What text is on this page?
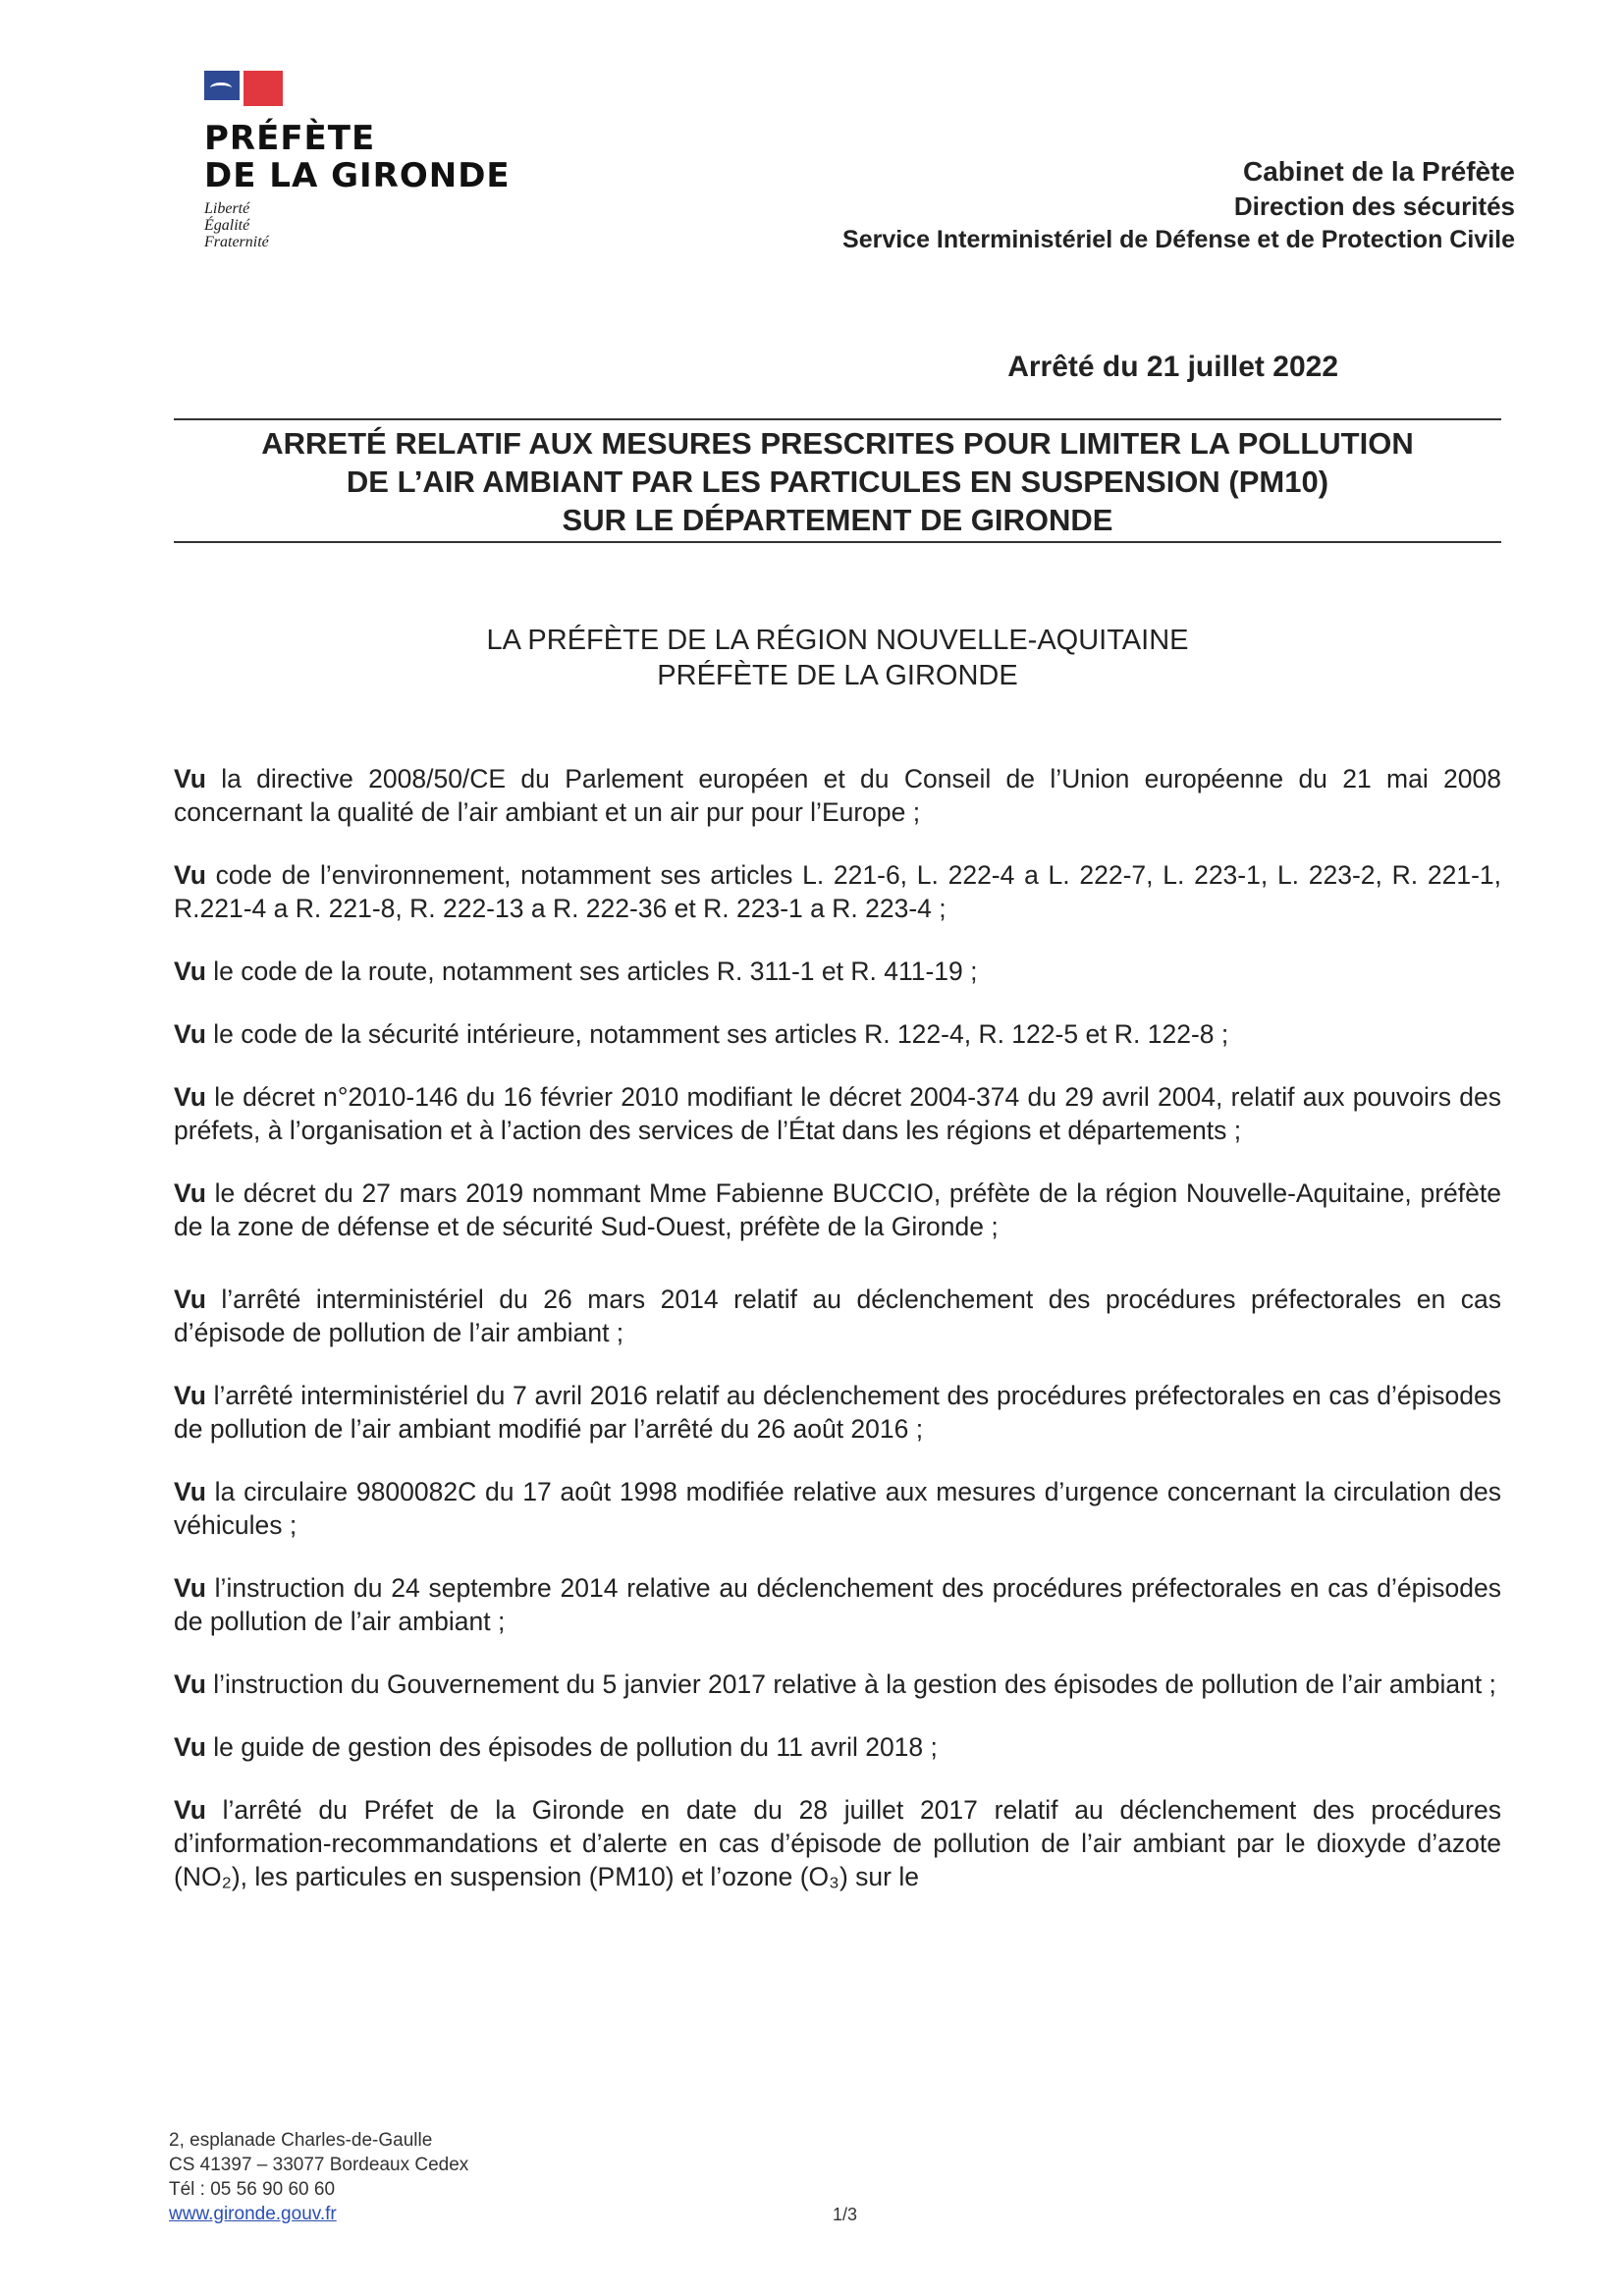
PRÉFÈTE
DE LA GIRONDE
Liberté
Égalité
Fraternité
Cabinet de la Préfète
Direction des sécurités
Service Interministériel de Défense et de Protection Civile
Arrêté du 21 juillet 2022
ARRETÉ RELATIF AUX MESURES PRESCRITES POUR LIMITER LA POLLUTION
DE L’AIR AMBIANT PAR LES PARTICULES EN SUSPENSION (PM10)
SUR LE DÉPARTEMENT DE GIRONDE
LA PRÉFÈTE DE LA RÉGION NOUVELLE-AQUITAINE
PRÉFÈTE DE LA GIRONDE

Vu la directive 2008/50/CE du Parlement européen et du Conseil de l’Union européenne du 21 mai 2008 concernant la qualité de l’air ambiant et un air pur pour l’Europe ;

Vu code de l’environnement, notamment ses articles L. 221-6, L. 222-4 a L. 222-7, L. 223-1, L. 223-2, R. 221-1, R.221-4 a R. 221-8, R. 222-13 a R. 222-36 et R. 223-1 a R. 223-4 ;

Vu le code de la route, notamment ses articles R. 311-1 et R. 411-19 ;

Vu le code de la sécurité intérieure, notamment ses articles R. 122-4, R. 122-5 et R. 122-8 ;

Vu le décret n°2010-146 du 16 février 2010 modifiant le décret 2004-374 du 29 avril 2004, relatif aux pouvoirs des préfets, à l’organisation et à l’action des services de l’État dans les régions et départements ;

Vu le décret du 27 mars 2019 nommant Mme Fabienne BUCCIO, préfète de la région Nouvelle-Aquitaine, préfète de la zone de défense et de sécurité Sud-Ouest, préfète de la Gironde ;

Vu l’arrêté interministériel du 26 mars 2014 relatif au déclenchement des procédures préfectorales en cas d’épisode de pollution de l’air ambiant ;

Vu l’arrêté interministériel du 7 avril 2016 relatif au déclenchement des procédures préfectorales en cas d’épisodes de pollution de l’air ambiant modifié par l’arrêté du 26 août 2016 ;

Vu la circulaire 9800082C du 17 août 1998 modifiée relative aux mesures d’urgence concernant la circulation des véhicules ;

Vu l’instruction du 24 septembre 2014 relative au déclenchement des procédures préfectorales en cas d’épisodes de pollution de l’air ambiant ;

Vu l’instruction du Gouvernement du 5 janvier 2017 relative à la gestion des épisodes de pollution de l’air ambiant ;

Vu le guide de gestion des épisodes de pollution du 11 avril 2018 ;

Vu l’arrêté du Préfet de la Gironde en date du 28 juillet 2017 relatif au déclenchement des procédures d’information-recommandations et d’alerte en cas d’épisode de pollution de l’air ambiant par le dioxyde d’azote (NO₂), les particules en suspension (PM10) et l’ozone (O₃) sur le

2, esplanade Charles-de-Gaulle
CS 41397 – 33077 Bordeaux Cedex
Tél : 05 56 90 60 60
www.gironde.gouv.fr	1/3
